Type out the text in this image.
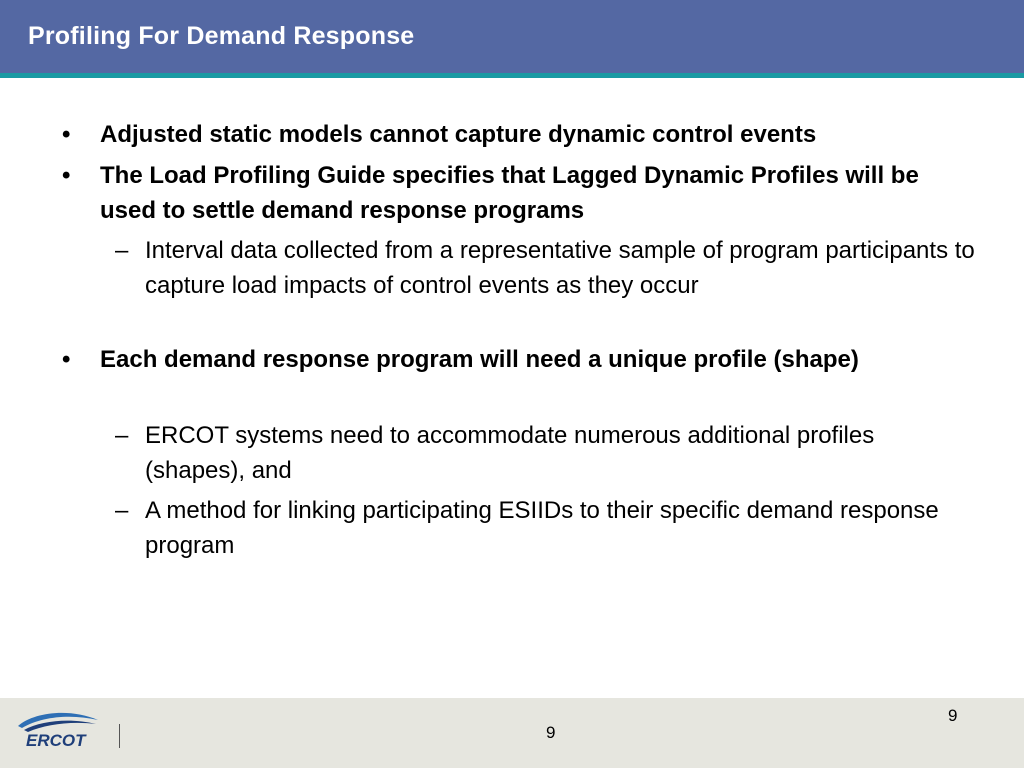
Profiling For Demand Response
• Adjusted static models cannot capture dynamic control events
• The Load Profiling Guide specifies that Lagged Dynamic Profiles will be used to settle demand response programs
– Interval data collected from a representative sample of program participants to capture load impacts of control events as they occur
• Each demand response program will need a unique profile (shape)
– ERCOT systems need to accommodate numerous additional profiles (shapes), and
– A method for linking participating ESIIDs to their specific demand response program
ERCOT
9
9
